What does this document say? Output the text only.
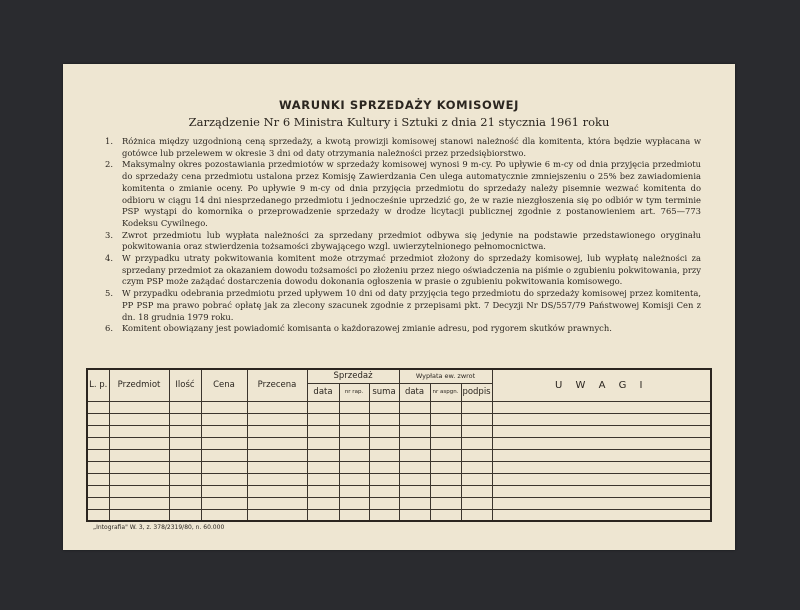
WARUNKI SPRZEDAŻY KOMISOWEJ
Zarządzenie Nr 6 Ministra Kultury i Sztuki z dnia 21 stycznia 1961 roku
1. Różnica między uzgodnioną ceną sprzedaży, a kwotą prowizji komisowej stanowi należność dla komitenta, która będzie wypłacana w gotówce lub przelewem w okresie 3 dni od daty otrzymania należności przez przedsiębiorstwo.
2. Maksymalny okres pozostawiania przedmiotów w sprzedaży komisowej wynosi 9 m-cy. Po upływie 6 m-cy od dnia przyjęcia przedmiotu do sprzedaży cena przedmiotu ustalona przez Komisję Zawierdzania Cen ulega automatycznie zmniejszeniu o 25% bez zawiadomienia komitenta o zmianie oceny. Po upływie 9 m-cy od dnia przyjęcia przedmiotu do sprzedaży należy pisemnie wezwać komitenta do odbioru w ciągu 14 dni niesprzedanego przedmiotu i jednocześnie uprzedzić go, że w razie niezgłoszenia się po odbiór w tym terminie PSP wystąpi do komornika o przeprowadzenie sprzedaży w drodze licytacji publicznej zgodnie z postanowieniem art. 765—773 Kodeksu Cywilnego.
3. Zwrot przedmiotu lub wypłata należności za sprzedany przedmiot odbywa się jedynie na podstawie przedstawionego oryginału pokwitowania oraz stwierdzenia tożsamości zbywającego wzgl. uwierzytelnionego pełnomocnictwa.
4. W przypadku utraty pokwitowania komitent może otrzymać przedmiot złożony do sprzedaży komisowej, lub wypłatę należności za sprzedany przedmiot za okazaniem dowodu tożsamości po złożeniu przez niego oświadczenia na piśmie o zgubieniu pokwitowania, przy czym PSP może zażądać dostarczenia dowodu dokonania ogłoszenia w prasie o zgubieniu pokwitowania komisowego.
5. W przypadku odebrania przedmiotu przed upływem 10 dni od daty przyjęcia tego przedmiotu do sprzedaży komisowej przez komitenta, PP PSP ma prawo pobrać opłatę jak za zlecony szacunek zgodnie z przepisami pkt. 7 Decyzji Nr DS/557/79 Państwowej Komisji Cen z dn. 18 grudnia 1979 roku.
6. Komitent obowiązany jest powiadomić komisanta o każdorazowej zmianie adresu, pod rygorem skutków prawnych.
L. p.	Przedmiot	Ilość	Cena	Przecena	Sprzedaż			Wypłata ew. zwrot			U W A G I
					data	nr rap.	suma	data	nr aspgn.	podpis	

„Intografia" W. 3, z. 378/2319/80, n. 60.000
